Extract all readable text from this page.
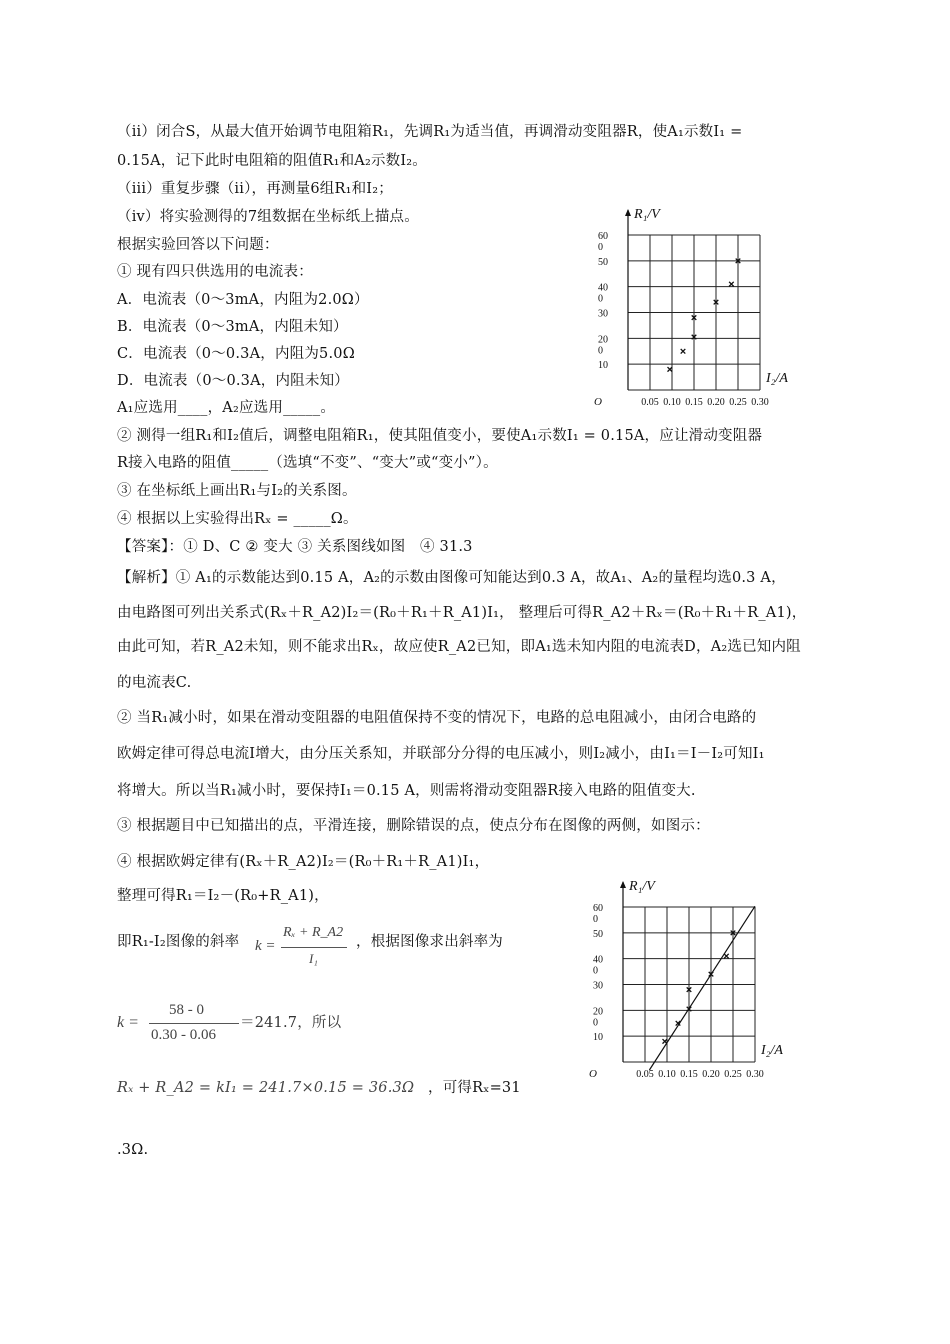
（ii）闭合S，从最大值开始调节电阻箱R₁，先调R₁为适当值，再调滑动变阻器R，使A₁示数I₁ =
0.15A，记下此时电阻箱的阻值R₁和A₂示数I₂。
（iii）重复步骤（ii），再测量6组R₁和I₂；
（iv）将实验测得的7组数据在坐标纸上描点。
根据实验回答以下问题：
① 现有四只供选用的电流表：
A．电流表（0～3mA，内阻为2.0Ω）
B．电流表（0～3mA，内阻未知）
C．电流表（0～0.3A，内阻为5.0Ω
D．电流表（0～0.3A，内阻未知）
A₁应选用____，A₂应选用_____。
② 测得一组R₁和I₂值后，调整电阻箱R₁，使其阻值变小，要使A₁示数I₁ = 0.15A，应让滑动变阻器
R接入电路的阻值_____（选填“不变”、“变大”或“变小”）。
③ 在坐标纸上画出R₁与I₂的关系图。
④ 根据以上实验得出Rₓ = _____Ω。
【答案】：① D、C ② 变大 ③ 关系图线如图　④ 31.3
【解析】① A₁的示数能达到0.15 A，A₂的示数由图像可知能达到0.3 A，故A₁、A₂的量程均选0.3 A，
由电路图可列出关系式(Rₓ＋R_A2)I₂＝(R₀＋R₁＋R_A1)I₁， 整理后可得R_A2＋Rₓ＝(R₀＋R₁＋R_A1)，
由此可知，若R_A2未知，则不能求出Rₓ，故应使R_A2已知，即A₁选未知内阻的电流表D，A₂选已知内阻
的电流表C.
② 当R₁减小时，如果在滑动变阻器的电阻值保持不变的情况下，电路的总电阻减小，由闭合电路的
欧姆定律可得总电流I增大，由分压关系知，并联部分分得的电压减小，则I₂减小，由I₁＝I－I₂可知I₁
将增大。所以当R₁减小时，要保持I₁＝0.15 A，则需将滑动变阻器R接入电路的阻值变大.
③ 根据题目中已知描出的点，平滑连接，删除错误的点，使点分布在图像的两侧，如图示：
④ 根据欧姆定律有(Rₓ＋R_A2)I₂＝(R₀＋R₁＋R_A1)I₁，
整理可得R₁＝I₂－(R₀+R_A1)，
即R₁-I₂图像的斜率 k =
Rₓ + R_A2
I₁
，根据图像求出斜率为
k =
58 - 0
0.30 - 0.06
＝241.7，所以
Rₓ + R_A2 = kI₁ = 241.7×0.15 = 36.3Ω ，可得Rₓ=31
.3Ω.
R₁/V
I₂/A
O	0.05 0.10 0.15 0.20 0.25 0.30
10
20
0
30
40
0
50
60
0
R₁/V
I₂/A
O	0.05 0.10 0.15 0.20 0.25 0.30
10
20
0
30
40
0
50
60
0
